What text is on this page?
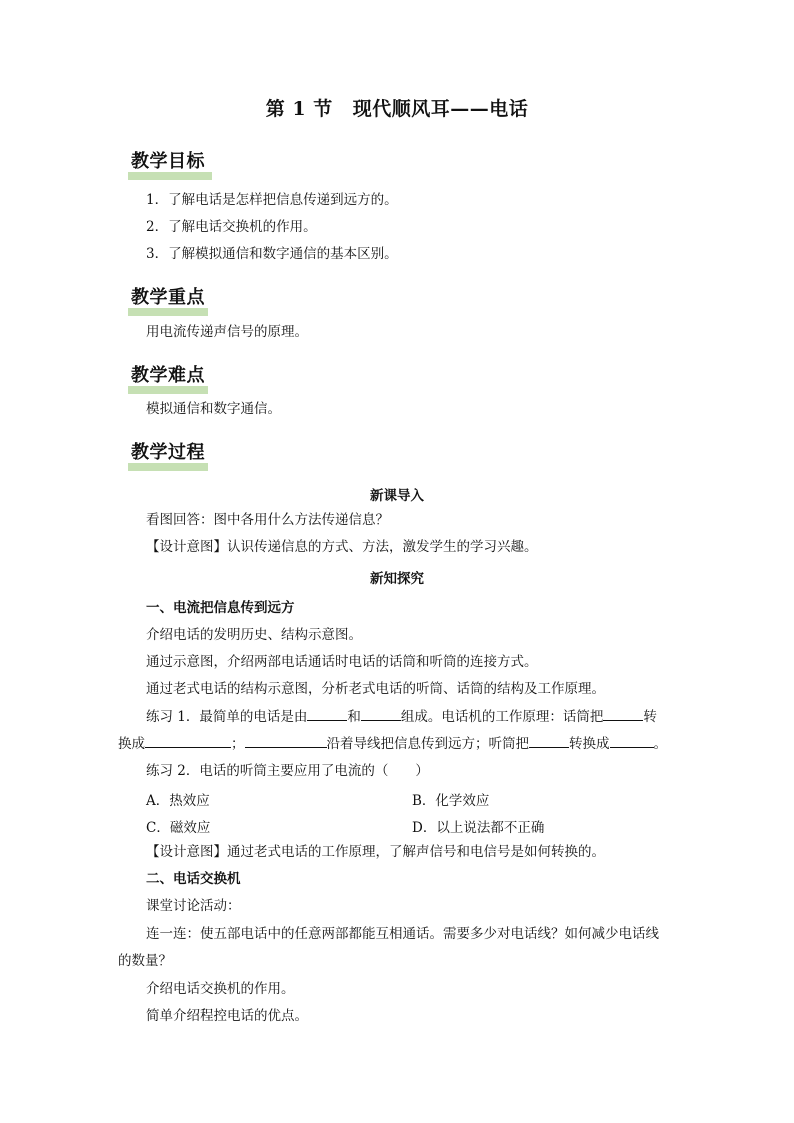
第 1 节 现代顺风耳——电话
教学目标
1．了解电话是怎样把信息传递到远方的。
2．了解电话交换机的作用。
3．了解模拟通信和数字通信的基本区别。
教学重点
用电流传递声信号的原理。
教学难点
模拟通信和数字通信。
教学过程
新课导入
看图回答：图中各用什么方法传递信息？
【设计意图】认识传递信息的方式、方法，激发学生的学习兴趣。
新知探究
一、电流把信息传到远方
介绍电话的发明历史、结构示意图。
通过示意图，介绍两部电话通话时电话的话筒和听筒的连接方式。
通过老式电话的结构示意图，分析老式电话的听筒、话筒的结构及工作原理。
练习 1．最简单的电话是由	和	组成。电话机的工作原理：话筒把	转
换成	；	沿着导线把信息传到远方；听筒把	转换成	。
练习 2．电话的听筒主要应用了电流的（　　）
A．热效应	B．化学效应
C．磁效应	D．以上说法都不正确
【设计意图】通过老式电话的工作原理，了解声信号和电信号是如何转换的。
二、电话交换机
课堂讨论活动：
连一连：使五部电话中的任意两部都能互相通话。需要多少对电话线？如何减少电话线
的数量？
介绍电话交换机的作用。
简单介绍程控电话的优点。
